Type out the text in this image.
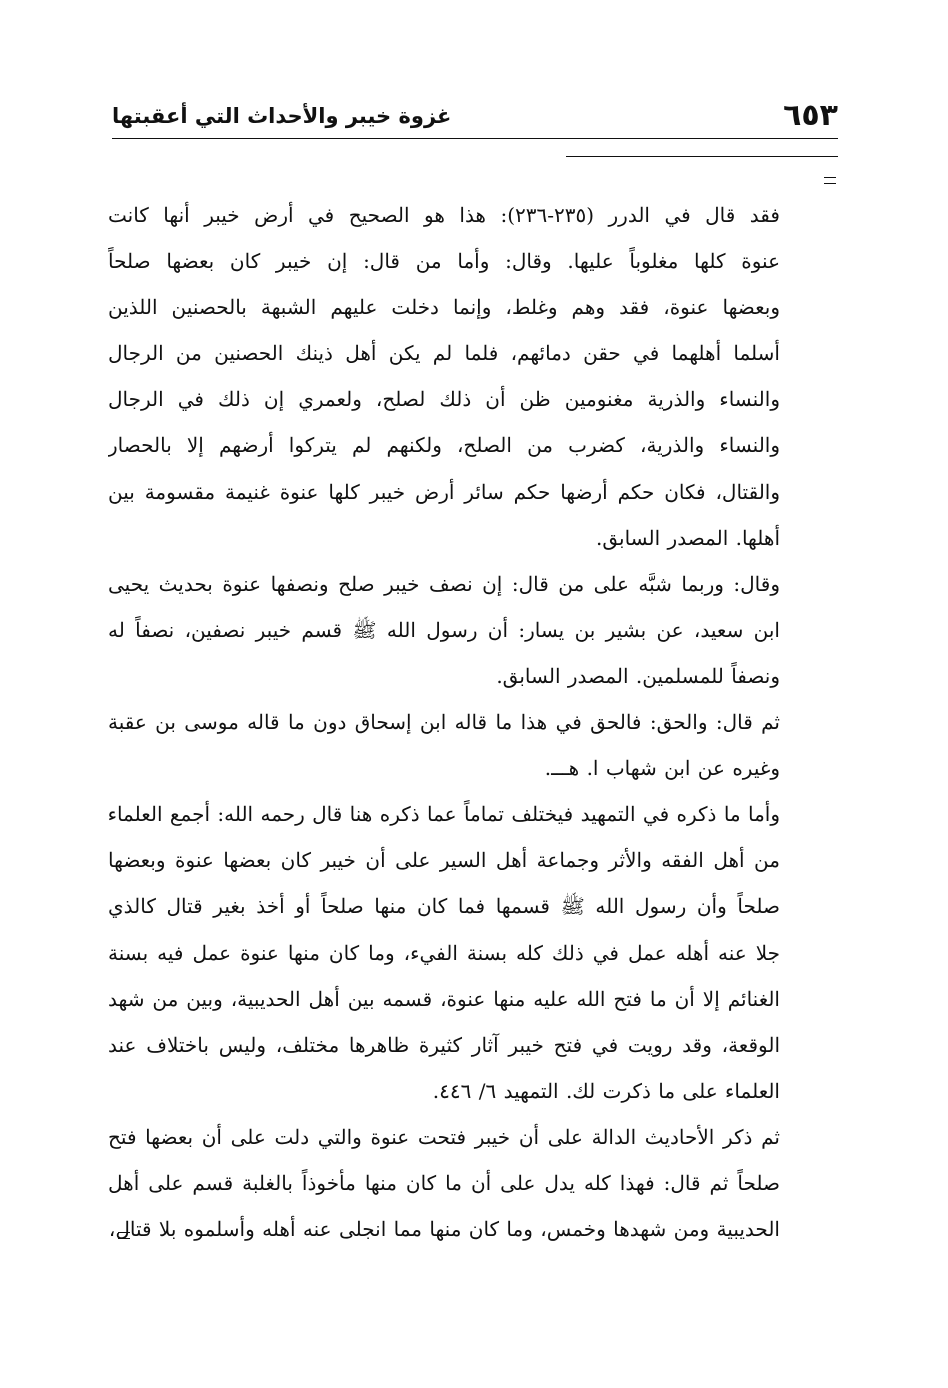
٦٥٣
غزوة خيبر والأحداث التي أعقبتها
فقد قال في الدرر (٢٣٥-٢٣٦): هذا هو الصحيح في أرض خيبر أنها كانت
عنوة كلها مغلوباً عليها. وقال: وأما من قال: إن خيبر كان بعضها صلحاً
وبعضها عنوة، فقد وهم وغلط، وإنما دخلت عليهم الشبهة بالحصنين اللذين
أسلما أهلهما في حقن دمائهم، فلما لم يكن أهل ذينك الحصنين من الرجال
والنساء والذرية مغنومين ظن أن ذلك لصلح، ولعمري إن ذلك في الرجال
والنساء والذرية، كضرب من الصلح، ولكنهم لم يتركوا أرضهم إلا بالحصار
والقتال، فكان حكم أرضها حكم سائر أرض خيبر كلها عنوة غنيمة مقسومة بين
أهلها. المصدر السابق.
وقال: وربما شبَّه على من قال: إن نصف خيبر صلح ونصفها عنوة بحديث يحيى
ابن سعيد، عن بشير بن يسار: أن رسول الله ﷺ قسم خيبر نصفين، نصفاً له
ونصفاً للمسلمين. المصدر السابق.
ثم قال: والحق: فالحق في هذا ما قاله ابن إسحاق دون ما قاله موسى بن عقبة
وغيره عن ابن شهاب ا. هـــ.
وأما ما ذكره في التمهيد فيختلف تماماً عما ذكره هنا قال رحمه الله: أجمع العلماء
من أهل الفقه والأثر وجماعة أهل السير على أن خيبر كان بعضها عنوة وبعضها
صلحاً وأن رسول الله ﷺ قسمها فما كان منها صلحاً أو أخذ بغير قتال كالذي
جلا عنه أهله عمل في ذلك كله بسنة الفيء، وما كان منها عنوة عمل فيه بسنة
الغنائم إلا أن ما فتح الله عليه منها عنوة، قسمه بين أهل الحديبية، وبين من شهد
الوقعة، وقد رويت في فتح خيبر آثار كثيرة ظاهرها مختلف، وليس باختلاف عند
العلماء على ما ذكرت لك. التمهيد ٦/ ٤٤٦.
ثم ذكر الأحاديث الدالة على أن خيبر فتحت عنوة والتي دلت على أن بعضها فتح
صلحاً ثم قال: فهذا كله يدل على أن ما كان منها مأخوذاً بالغلبة قسم على أهل
الحديبية ومن شهدها وخمس، وما كان منها مما انجلى عنه أهله وأسلموه بلا قتال،
